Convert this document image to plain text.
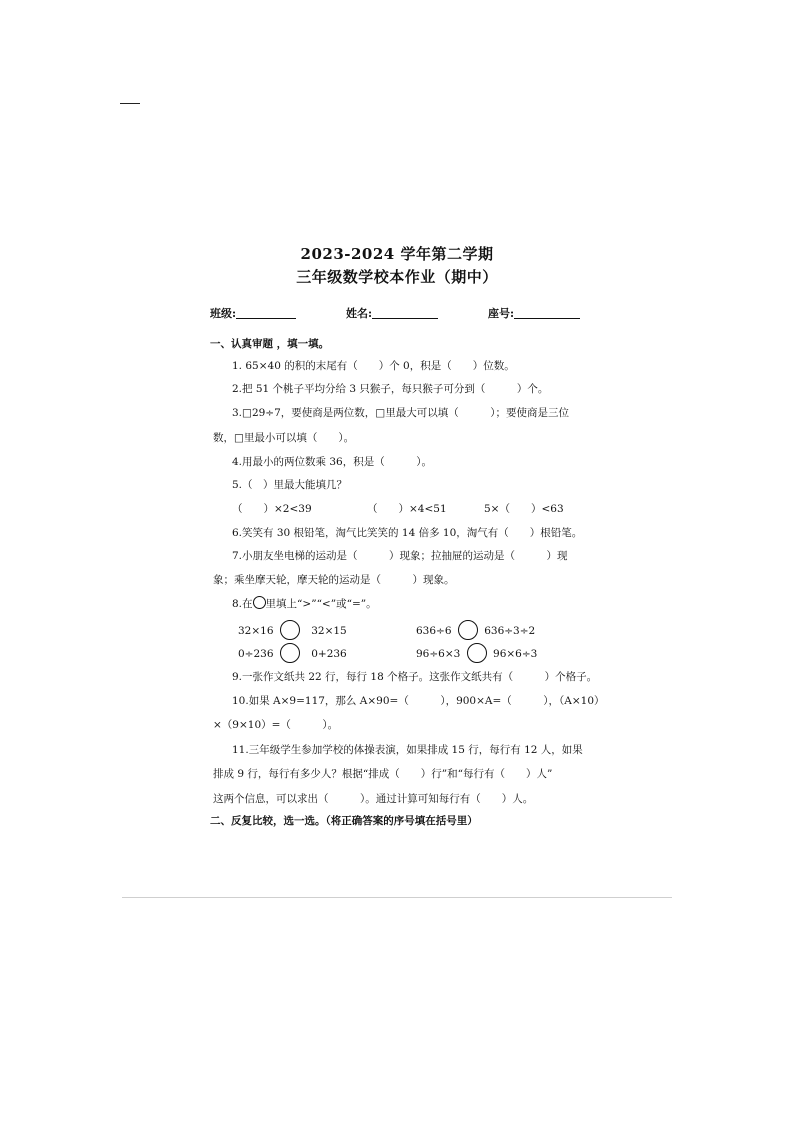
2023-2024 学年第二学期
三年级数学校本作业（期中）
班级:	姓名:	座号:
一、认真审题 ，填一填。
1. 65×40 的积的末尾有（　　）个 0，积是（　　）位数。
2.把 51 个桃子平均分给 3 只猴子，每只猴子可分到（　　　）个。
3.□29÷7，要使商是两位数，□里最大可以填（　　　）；要使商是三位
数，□里最小可以填（　　）。
4.用最小的两位数乘 36，积是（　　　）。
5.（　）里最大能填几？
（　　）×2<39	（　　）×4<51	5×（　　）<63
6.笑笑有 30 根铅笔，淘气比笑笑的 14 倍多 10，淘气有（　　）根铅笔。
7.小朋友坐电梯的运动是（　　　）现象；拉抽屉的运动是（　　　）现
象；乘坐摩天轮，摩天轮的运动是（　　　）现象。
8.在 里填上“>”“<”或“=”。
32×16	32×15	636÷6	636÷3÷2
0÷236	0+236	96÷6×3	96×6÷3
9.一张作文纸共 22 行，每行 18 个格子。这张作文纸共有（　　　）个格子。
10.如果 A×9=117，那么 A×90=（　　　），900×A=（　　　），（A×10）
×（9×10）=（　　　）。
11.三年级学生参加学校的体操表演，如果排成 15 行，每行有 12 人，如果
排成 9 行，每行有多少人？根据“排成（　　）行”和“每行有（　　）人”
这两个信息，可以求出（　　　）。通过计算可知每行有（　　）人。
二、反复比较，选一选。（将正确答案的序号填在括号里）
